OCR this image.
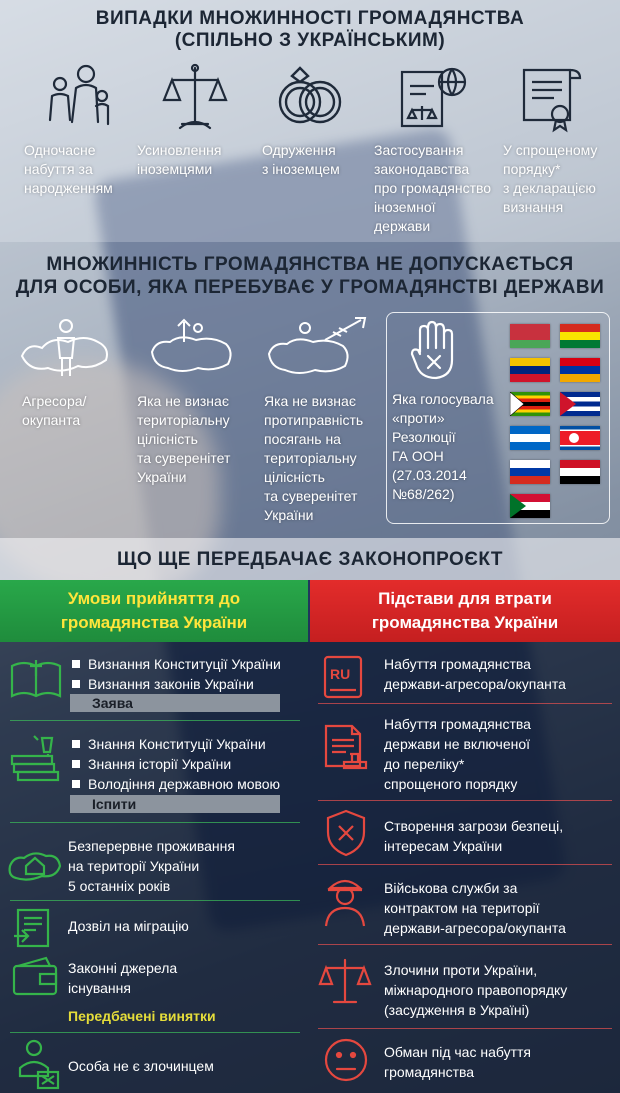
ВИПАДКИ МНОЖИННОСТІ ГРОМАДЯНСТВА
(СПІЛЬНО З УКРАЇНСЬКИМ)
Одночасне
набуття за
народженням
Усиновлення
іноземцями
Одруження
з іноземцем
Застосування
законодавства
про громадянство
іноземної
держави
У спрощеному
порядку*
з декларацією
визнання
МНОЖИННІСТЬ ГРОМАДЯНСТВА НЕ ДОПУСКАЄТЬСЯ
ДЛЯ ОСОБИ, ЯКА ПЕРЕБУВАЄ У ГРОМАДЯНСТВІ ДЕРЖАВИ
Агресора/
окупанта
Яка не визнає
територіальну
цілісність
та суверенітет
України
Яка не визнає
протиправність
посягань на
територіальну
цілісність
та суверенітет
України
Яка голосувала
«проти»
Резолюції
ГА ООН
(27.03.2014
№68/262)
ЩО ЩЕ ПЕРЕДБАЧАЄ ЗАКОНОПРОЄКТ
Умови прийняття до
громадянства України
Підстави для втрати
громадянства України
Визнання Конституції України
Визнання законів України
Заява
Знання Конституції України
Знання історії України
Володіння державною мовою
Іспити
Безперервне проживання
на території України
5 останніх років
Дозвіл на міграцію
Законні джерела
існування
Передбачені винятки
Особа не є злочинцем
RU
Набуття громадянства
держави-агресора/окупанта
Набуття громадянства
держави не включеної
до переліку*
спрощеного порядку
Створення загрози безпеці,
інтересам України
Військова служби за
контрактом на території
держави-агресора/окупанта
Злочини проти України,
міжнародного правопорядку
(засудження в Україні)
Обман під час набуття
громадянства
